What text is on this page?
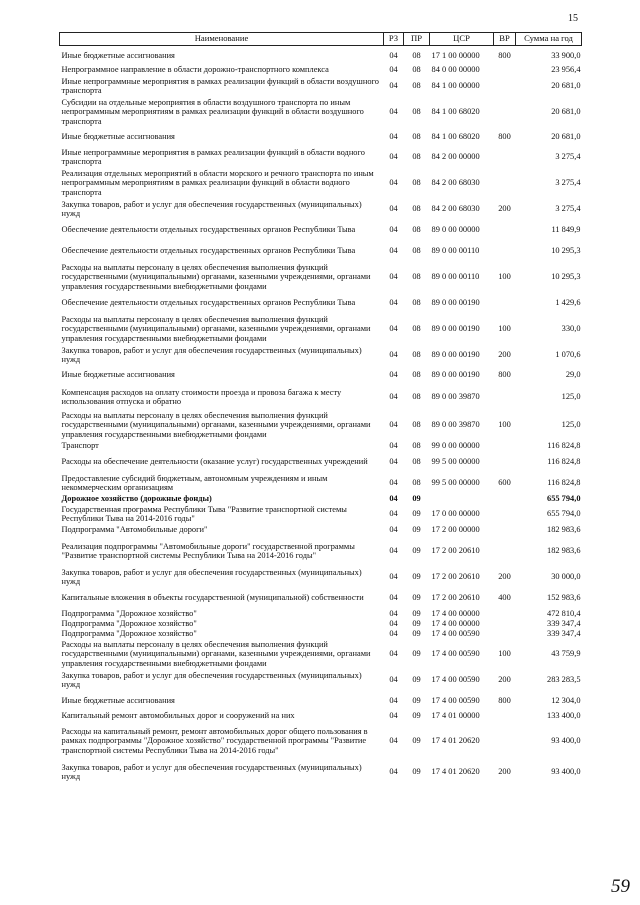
15
Наименование	РЗ	ПР	ЦСР	ВР	Сумма на год
Иные бюджетные ассигнования	04	08	17 1 00 00000	800	33 900,0
Непрограммное направление в области дорожно-транспортного комплекса	04	08	84 0 00 00000		23 956,4
Иные непрограммные мероприятия в рамках реализации функций в области воздушного транспорта	04	08	84 1 00 00000		20 681,0
Субсидии на отдельные мероприятия в области воздушного транспорта по иным непрограммным мероприятиям в рамках реализации функций в области воздушного транспорта	04	08	84 1 00 68020		20 681,0
Иные бюджетные ассигнования	04	08	84 1 00 68020	800	20 681,0
Иные непрограммные мероприятия в рамках реализации функций в области водного транспорта	04	08	84 2 00 00000		3 275,4
Реализация отдельных мероприятий в области морского и речного транспорта по иным непрограммным мероприятиям в рамках реализации функций в области водного транспорта	04	08	84 2 00 68030		3 275,4
Закупка товаров, работ и услуг для обеспечения государственных (муниципальных) нужд	04	08	84 2 00 68030	200	3 275,4
Обеспечение деятельности отдельных государственных органов Республики Тыва	04	08	89 0 00 00000		11 849,9
Обеспечение деятельности отдельных государственных органов Республики Тыва	04	08	89 0 00 00110		10 295,3
Расходы на выплаты персоналу в целях обеспечения выполнения функций государственными (муниципальными) органами, казенными учреждениями, органами управления государственными внебюджетными фондами	04	08	89 0 00 00110	100	10 295,3
Обеспечение деятельности отдельных государственных органов Республики Тыва	04	08	89 0 00 00190		1 429,6
Расходы на выплаты персоналу в целях обеспечения выполнения функций государственными (муниципальными) органами, казенными учреждениями, органами управления государственными внебюджетными фондами	04	08	89 0 00 00190	100	330,0
Закупка товаров, работ и услуг для обеспечения государственных (муниципальных) нужд	04	08	89 0 00 00190	200	1 070,6
Иные бюджетные ассигнования	04	08	89 0 00 00190	800	29,0
Компенсация расходов на оплату стоимости проезда и провоза багажа к месту использования отпуска и обратно	04	08	89 0 00 39870		125,0
Расходы на выплаты персоналу в целях обеспечения выполнения функций государственными (муниципальными) органами, казенными учреждениями, органами управления государственными внебюджетными фондами	04	08	89 0 00 39870	100	125,0
Транспорт	04	08	99 0 00 00000		116 824,8
Расходы на обеспечение деятельности (оказание услуг) государственных учреждений	04	08	99 5 00 00000		116 824,8
Предоставление субсидий бюджетным, автономным учреждениям и иным некоммерческим организациям	04	08	99 5 00 00000	600	116 824,8
Дорожное хозяйство (дорожные фонды)	04	09			655 794,0
Государственная программа Республики Тыва "Развитие транспортной системы Республики Тыва на 2014-2016 годы"	04	09	17 0 00 00000		655 794,0
Подпрограмма "Автомобильные дороги"	04	09	17 2 00 00000		182 983,6
Реализация подпрограммы "Автомобильные дороги" государственной программы "Развитие транспортной системы Республики Тыва на 2014-2016 годы"	04	09	17 2 00 20610		182 983,6
Закупка товаров, работ и услуг для обеспечения государственных (муниципальных) нужд	04	09	17 2 00 20610	200	30 000,0
Капитальные вложения в объекты государственной (муниципальной) собственности	04	09	17 2 00 20610	400	152 983,6
Подпрограмма "Дорожное хозяйство"	04	09	17 4 00 00000		472 810,4
Подпрограмма "Дорожное хозяйство"	04	09	17 4 00 00000		339 347,4
Подпрограмма "Дорожное хозяйство"	04	09	17 4 00 00590		339 347,4
Расходы на выплаты персоналу в целях обеспечения выполнения функций государственными (муниципальными) органами, казенными учреждениями, органами управления государственными внебюджетными фондами	04	09	17 4 00 00590	100	43 759,9
Закупка товаров, работ и услуг для обеспечения государственных (муниципальных) нужд	04	09	17 4 00 00590	200	283 283,5
Иные бюджетные ассигнования	04	09	17 4 00 00590	800	12 304,0
Капитальный ремонт автомобильных дорог и сооружений на них	04	09	17 4 01 00000		133 400,0
Расходы на капитальный ремонт, ремонт автомобильных дорог общего пользования в рамках подпрограммы "Дорожное хозяйство" государственной программы "Развитие транспортной системы Республики Тыва на 2014-2016 годы"	04	09	17 4 01 20620		93 400,0
Закупка товаров, работ и услуг для обеспечения государственных (муниципальных) нужд	04	09	17 4 01 20620	200	93 400,0
59
